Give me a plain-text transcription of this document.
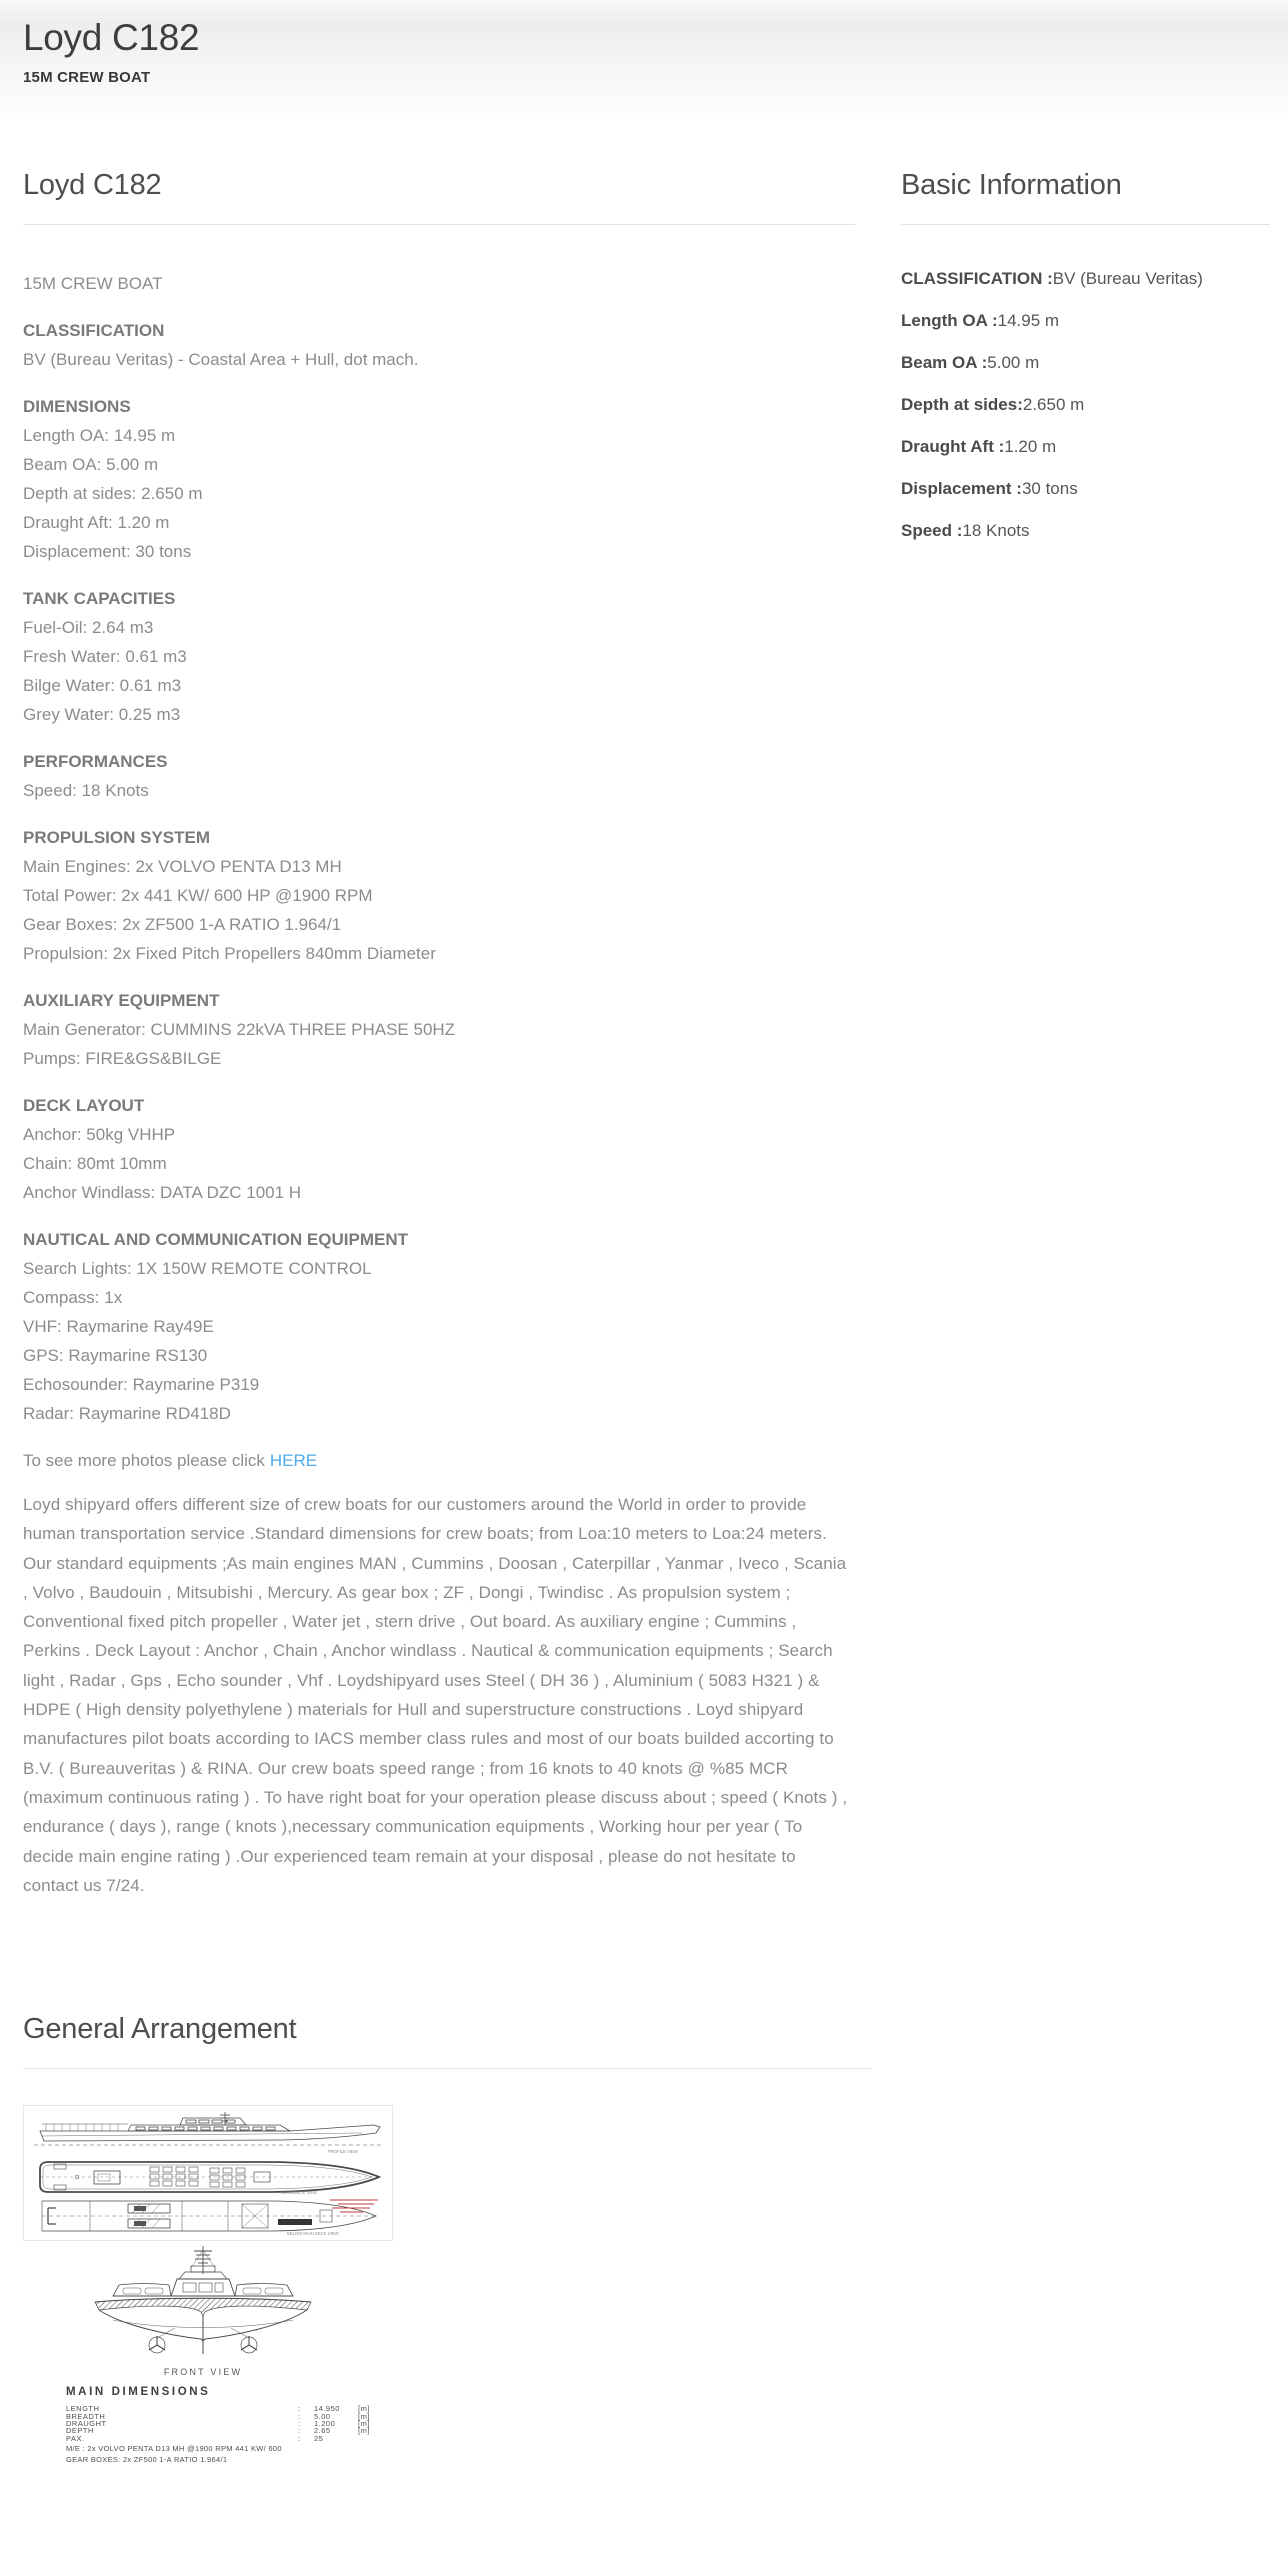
Loyd C182
15M CREW BOAT
Loyd C182

15M CREW BOAT

CLASSIFICATION
BV (Bureau Veritas) - Coastal Area + Hull, dot mach.
DIMENSIONS
Length OA: 14.95 m
Beam OA: 5.00 m
Depth at sides: 2.650 m
Draught Aft: 1.20 m
Displacement: 30 tons
TANK CAPACITIES
Fuel-Oil: 2.64 m3
Fresh Water: 0.61 m3
Bilge Water: 0.61 m3
Grey Water: 0.25 m3
PERFORMANCES
Speed: 18 Knots
PROPULSION SYSTEM
Main Engines: 2x VOLVO PENTA D13 MH
Total Power: 2x 441 KW/ 600 HP @1900 RPM
Gear Boxes: 2x ZF500 1-A RATIO 1.964/1
Propulsion: 2x Fixed Pitch Propellers 840mm Diameter
AUXILIARY EQUIPMENT
Main Generator: CUMMINS 22kVA THREE PHASE 50HZ
Pumps: FIRE&GS&BILGE
DECK LAYOUT
Anchor: 50kg VHHP
Chain: 80mt 10mm
Anchor Windlass: DATA DZC 1001 H
NAUTICAL AND COMMUNICATION EQUIPMENT
Search Lights: 1X 150W REMOTE CONTROL
Compass: 1x
VHF: Raymarine Ray49E
GPS: Raymarine RS130
Echosounder: Raymarine P319
Radar: Raymarine RD418D

To see more photos please click HERE

Loyd shipyard offers different size of crew boats for our customers around the World in order to provide human transportation service .Standard dimensions for crew boats; from Loa:10 meters to Loa:24 meters. Our standard equipments ;As main engines MAN , Cummins , Doosan , Caterpillar , Yanmar , Iveco , Scania , Volvo , Baudouin , Mitsubishi , Mercury. As gear box ; ZF , Dongi , Twindisc . As propulsion system ; Conventional fixed pitch propeller , Water jet , stern drive , Out board. As auxiliary engine ; Cummins , Perkins . Deck Layout : Anchor , Chain , Anchor windlass . Nautical & communication equipments ; Search light , Radar , Gps , Echo sounder , Vhf . Loydshipyard uses Steel ( DH 36 ) , Aluminium ( 5083 H321 ) & HDPE ( High density polyethylene ) materials for Hull and superstructure constructions . Loyd shipyard manufactures pilot boats according to IACS member class rules and most of our boats builded accorting to B.V. ( Bureauveritas ) & RINA. Our crew boats speed range ; from 16 knots to 40 knots @ %85 MCR (maximum continuous rating ) . To have right boat for your operation please discuss about ; speed ( Knots ) , endurance ( days ), range ( knots ),necessary communication equipments , Working hour per year ( To decide main engine rating ) .Our experienced team remain at your disposal , please do not hesitate to contact us 7/24.

Basic Information
CLASSIFICATION :BV (Bureau Veritas)
Length OA :14.95 m
Beam OA :5.00 m
Depth at sides:2.650 m
Draught Aft :1.20 m
Displacement :30 tons
Speed :18 Knots
General Arrangement
PROFILE VIEW
MAIN DECK VIEW
BELOW MAIN DECK VIEW
FRONT VIEW
MAIN DIMENSIONS
LENGTH	:	14.950	[m]
BREADTH	:	5.00	[m]
DRAUGHT	:	1.200	[m]
DEPTH	:	2.65	[m]
PAX.	:	25
M/E : 2x VOLVO PENTA D13 MH @1900 RPM 441 KW/ 600
GEAR BOXES: 2x ZF500 1-A RATIO 1.964/1
